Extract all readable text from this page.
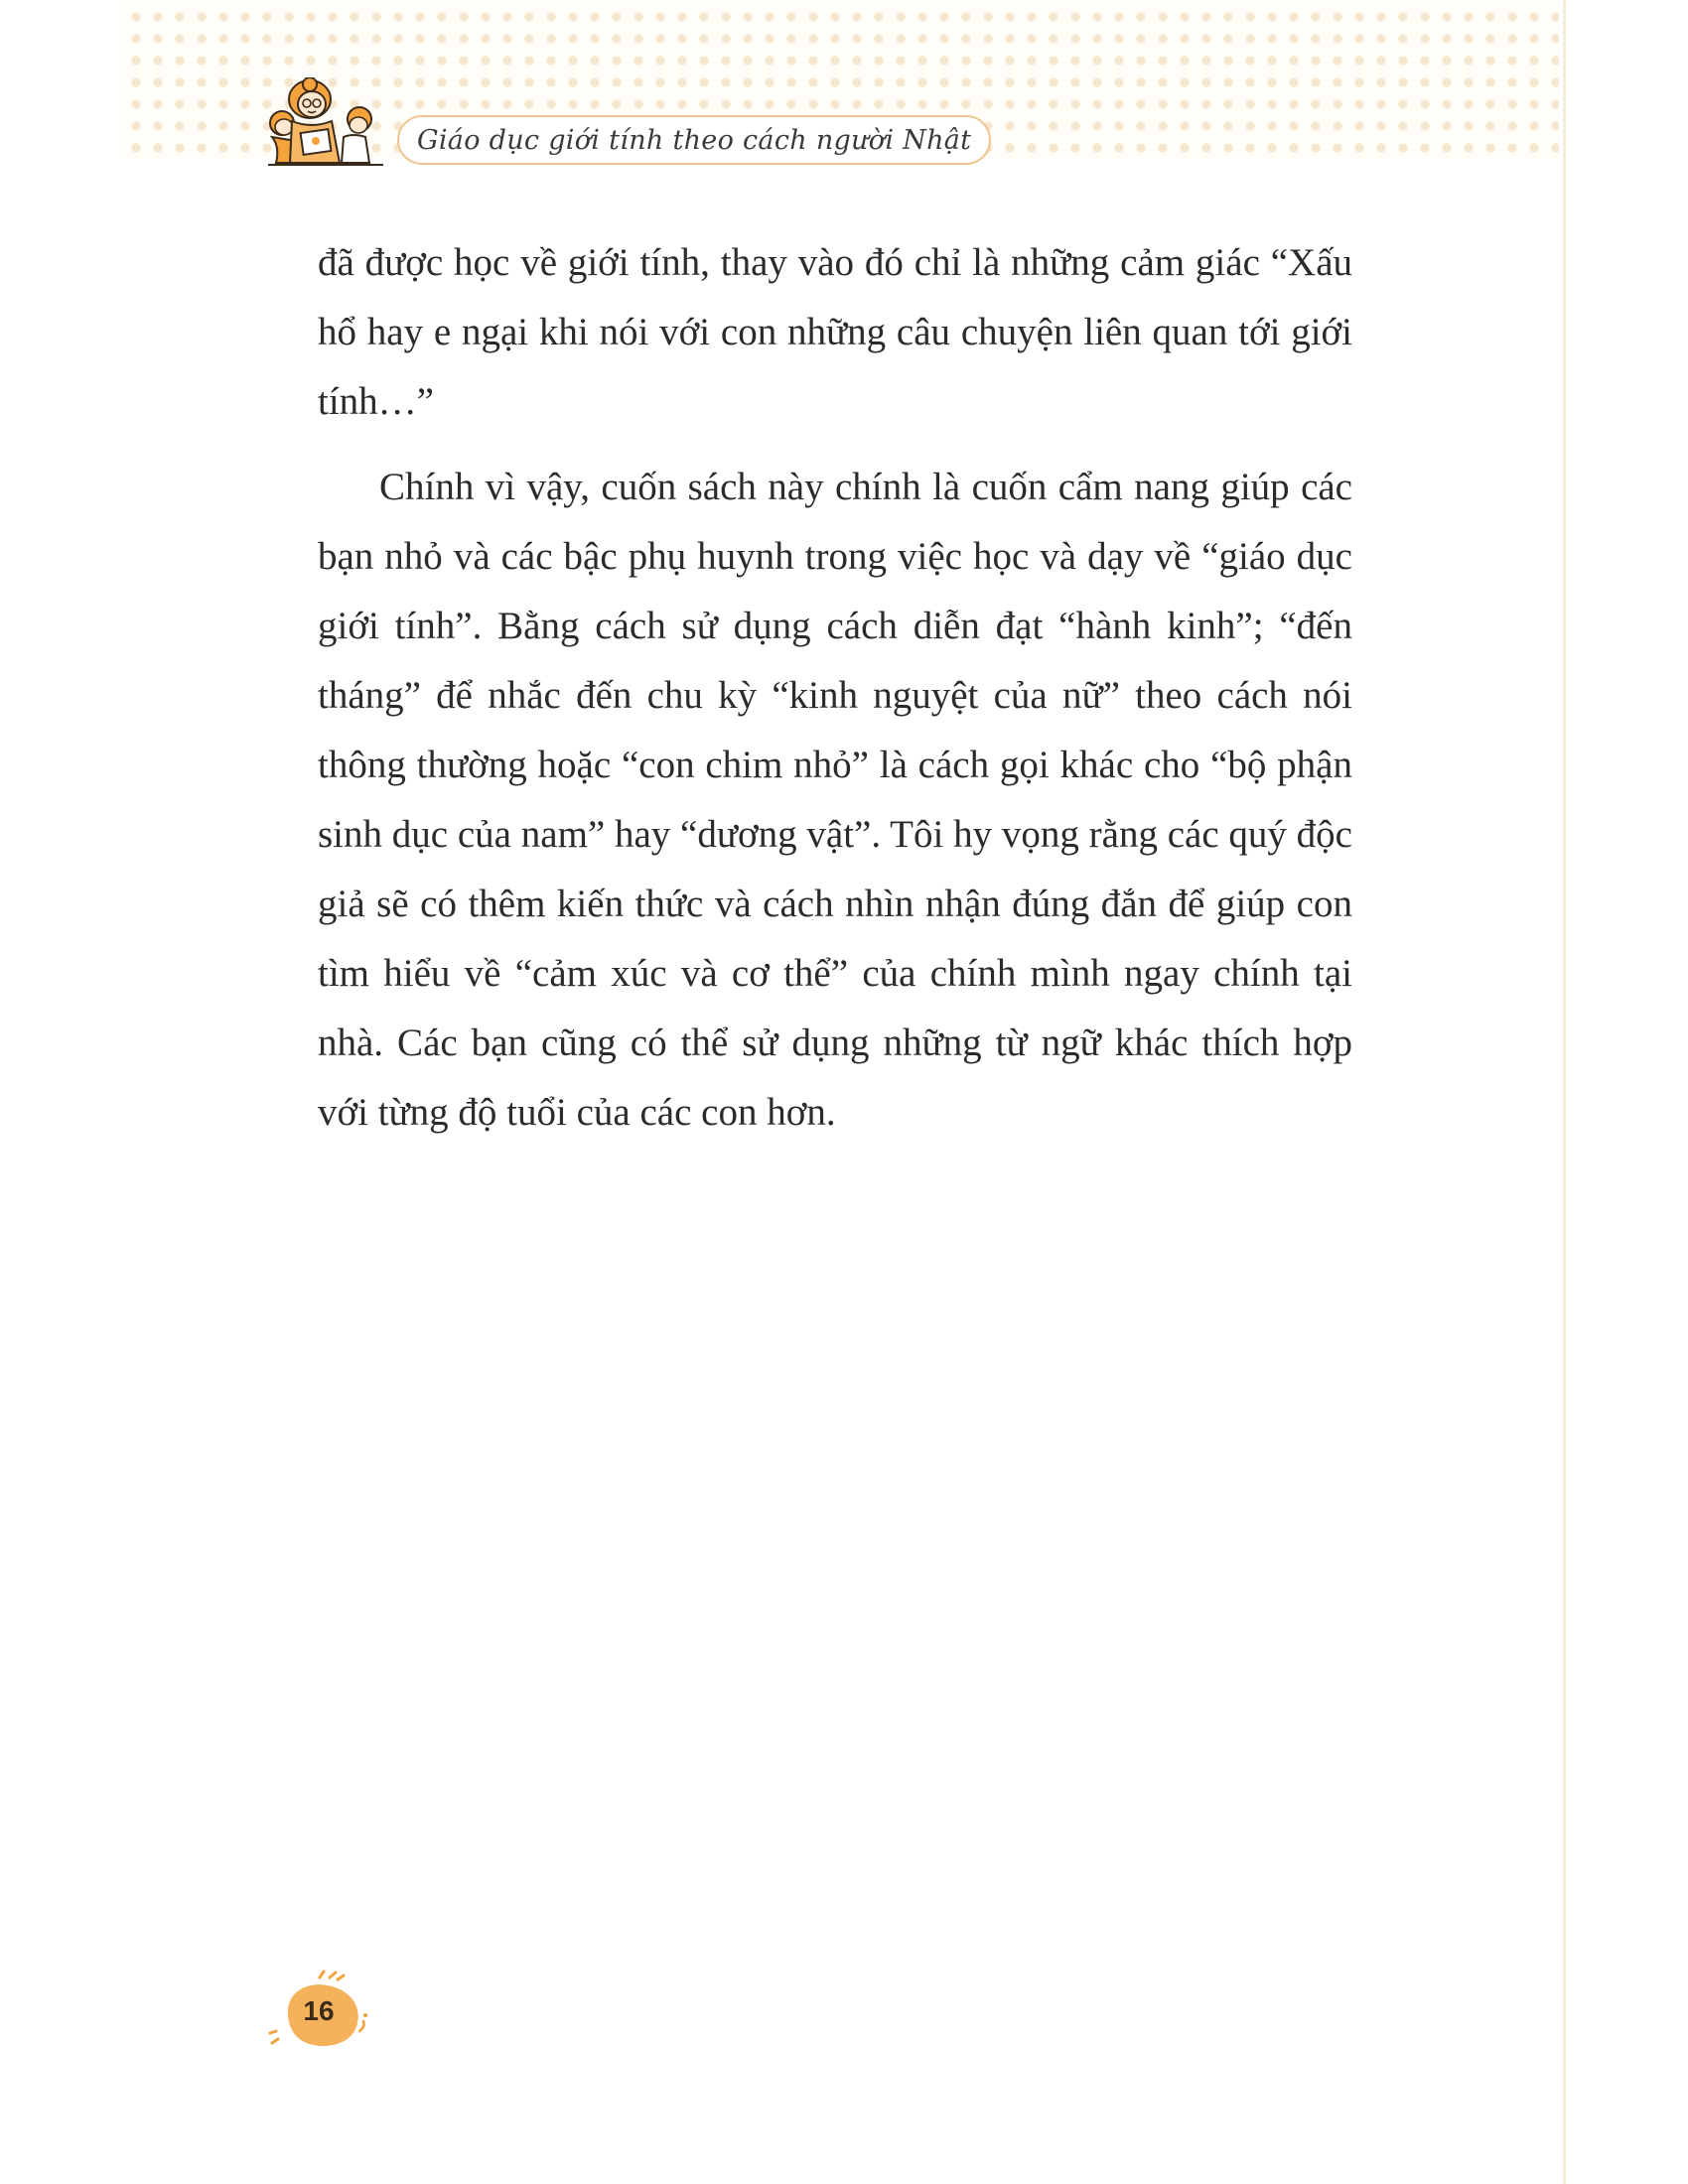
Giáo dục giới tính theo cách người Nhật

đã được học về giới tính, thay vào đó chỉ là những cảm giác “Xấu hổ hay e ngại khi nói với con những câu chuyện liên quan tới giới tính…”

Chính vì vậy, cuốn sách này chính là cuốn cẩm nang giúp các bạn nhỏ và các bậc phụ huynh trong việc học và dạy về “giáo dục giới tính”. Bằng cách sử dụng cách diễn đạt “hành kinh”; “đến tháng” để nhắc đến chu kỳ “kinh nguyệt của nữ” theo cách nói thông thường hoặc “con chim nhỏ” là cách gọi khác cho “bộ phận sinh dục của nam” hay “dương vật”. Tôi hy vọng rằng các quý độc giả sẽ có thêm kiến thức và cách nhìn nhận đúng đắn để giúp con tìm hiểu về “cảm xúc và cơ thể” của chính mình ngay chính tại nhà. Các bạn cũng có thể sử dụng những từ ngữ khác thích hợp với từng độ tuổi của các con hơn.

16
